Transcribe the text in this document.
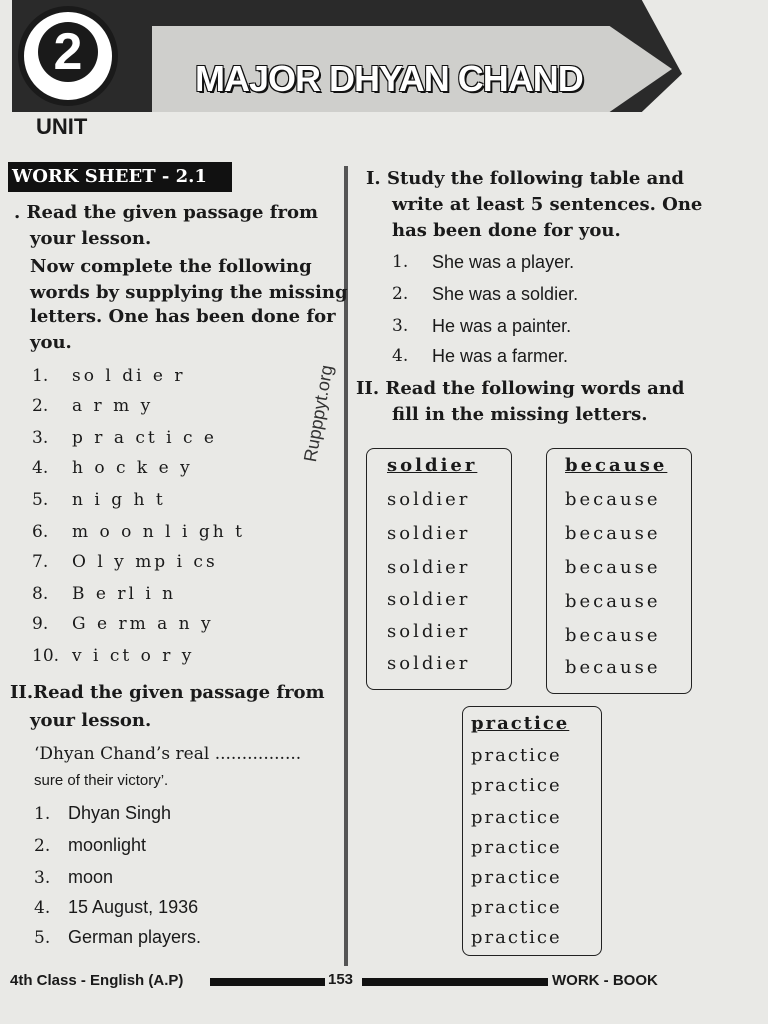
2	MAJOR DHYAN CHAND
UNIT
WORK SHEET - 2.1
. Read the given passage from
your lesson.
Now complete the following
words by supplying the missing
letters. One has been done for
you.
1. so l di e r
2. a r m y
3. p r a ct i c e
4. h o c k e y
5. n i g h t
6. m o o n l i gh t
7. O l y mp i cs
8. B e rl i n
9. G e rm a n y
10. v i ct o r y
II.Read the given passage from
your lesson.
‘Dhyan Chand’s real ................
sure of their victory’.
1. Dhyan Singh
2. moonlight
3. moon
4. 15 August, 1936
5. German players.
Rupppyt.org
I. Study the following table and
write at least 5 sentences. One
has been done for you.
1. She was a player.
2. She was a soldier.
3. He was a painter.
4. He was a farmer.
II. Read the following words and
fill in the missing letters.
soldier
soldier
soldier
soldier
soldier
soldier
soldier
because
because
because
because
because
because
because
practice
practice
practice
practice
practice
practice
practice
practice
4th Class - English (A.P)	153	WORK - BOOK
